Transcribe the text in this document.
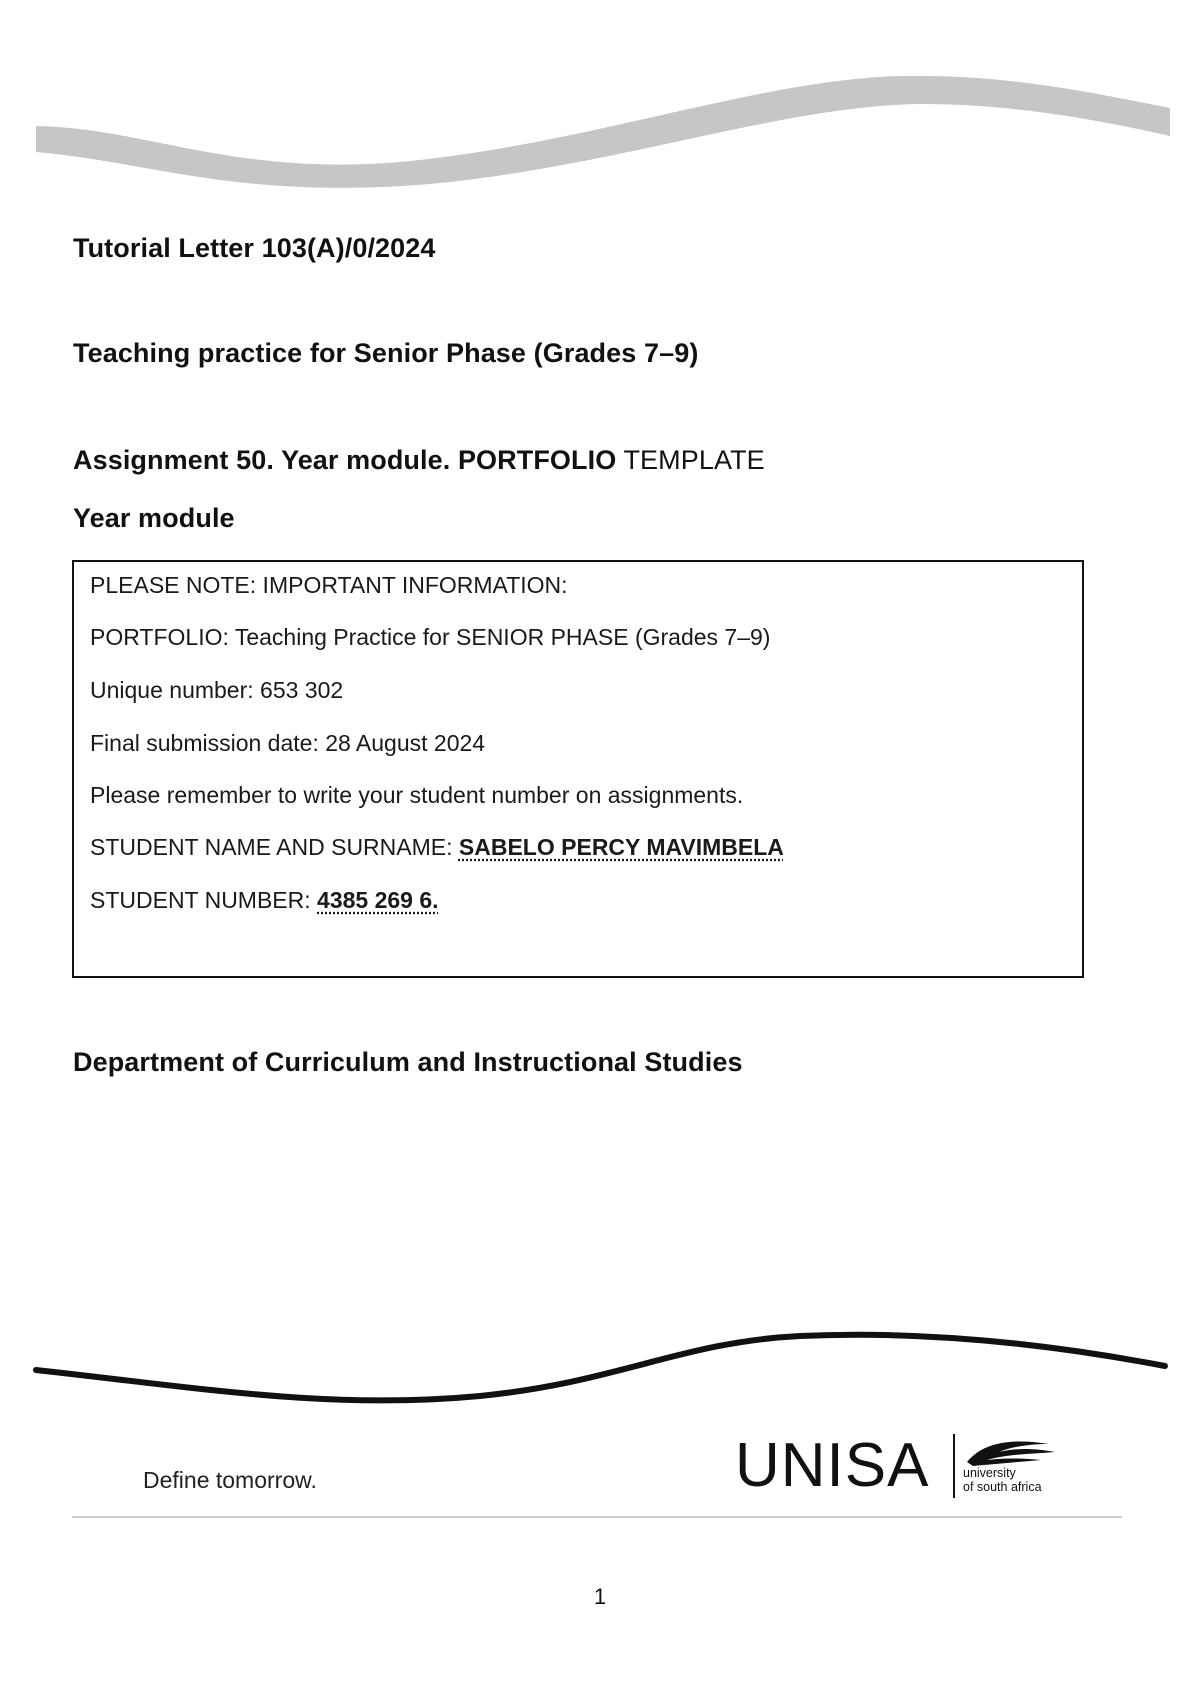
Tutorial Letter 103(A)/0/2024
Teaching practice for Senior Phase (Grades 7–9)
Assignment 50. Year module. PORTFOLIO TEMPLATE
Year module

PLEASE NOTE: IMPORTANT INFORMATION:

PORTFOLIO: Teaching Practice for SENIOR PHASE (Grades 7–9)

Unique number: 653 302

Final submission date: 28 August 2024

Please remember to write your student number on assignments.

STUDENT NAME AND SURNAME: SABELO PERCY MAVIMBELA

STUDENT NUMBER: 4385 269 6.

Department of Curriculum and Instructional Studies

Define tomorrow.	UNISA	university
of south africa

1
